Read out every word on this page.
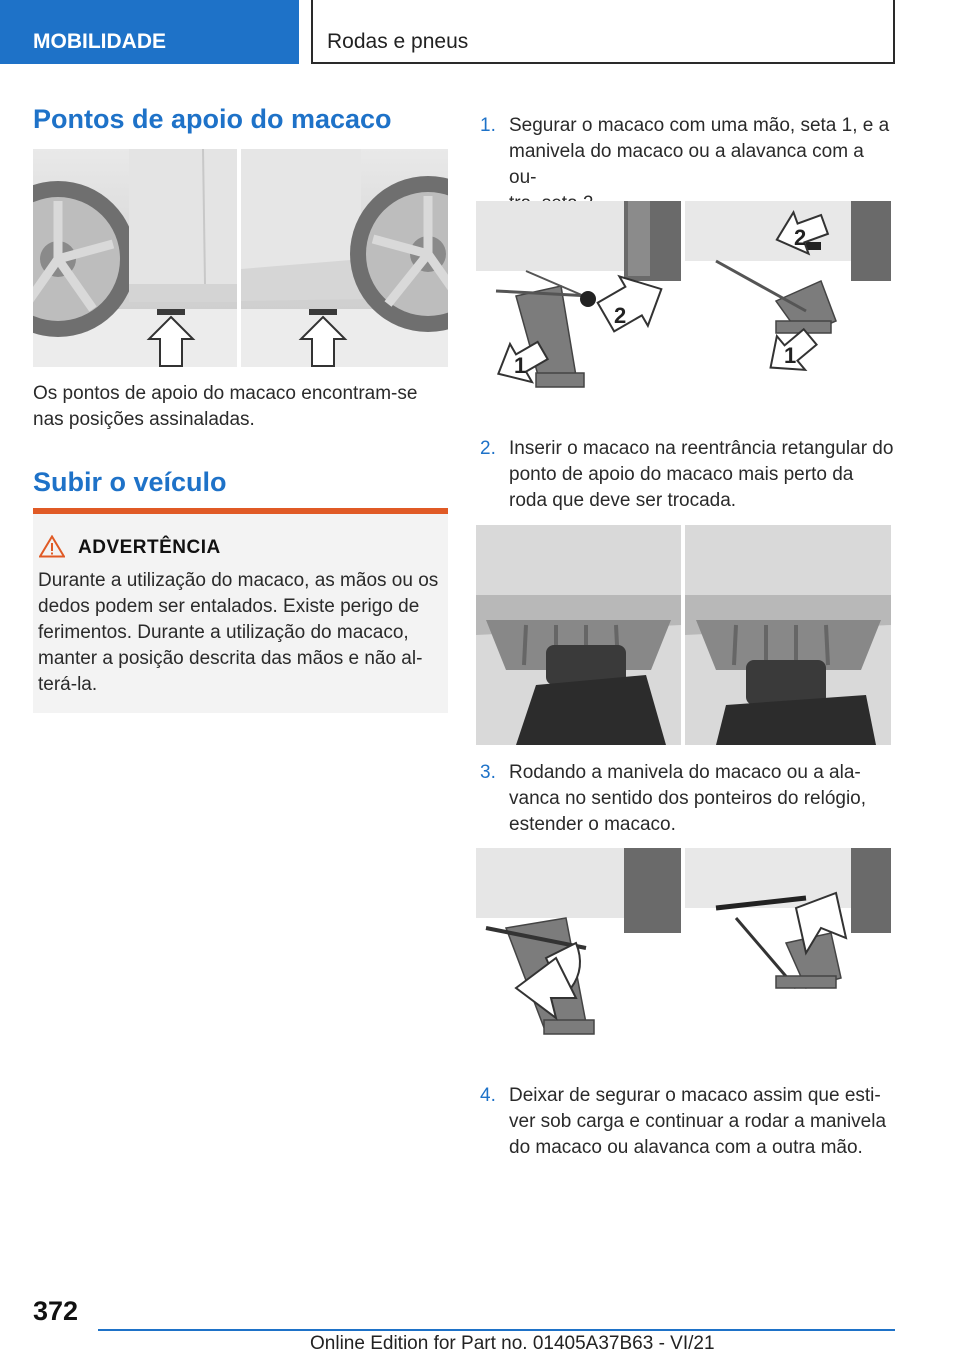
MOBILIDADE	Rodas e pneus
Pontos de apoio do macaco
Os pontos de apoio do macaco encontram-se
nas posições assinaladas.
Subir o veículo
ADVERTÊNCIA
Durante a utilização do macaco, as mãos ou os
dedos podem ser entalados. Existe perigo de
ferimentos. Durante a utilização do macaco,
manter a posição descrita das mãos e não al-
terá-la.
1. Segurar o macaco com uma mão, seta 1, e a
manivela do macaco ou a alavanca com a ou-
2
1
2
1
2. Inserir o macaco na reentrância retangular do
ponto de apoio do macaco mais perto da
roda que deve ser trocada.
3. Rodando a manivela do macaco ou a ala-
vanca no sentido dos ponteiros do relógio,
estender o macaco.
4. Deixar de segurar o macaco assim que esti-
ver sob carga e continuar a rodar a manivela
do macaco ou alavanca com a outra mão.
372
Online Edition for Part no. 01405A37B63 - VI/21
